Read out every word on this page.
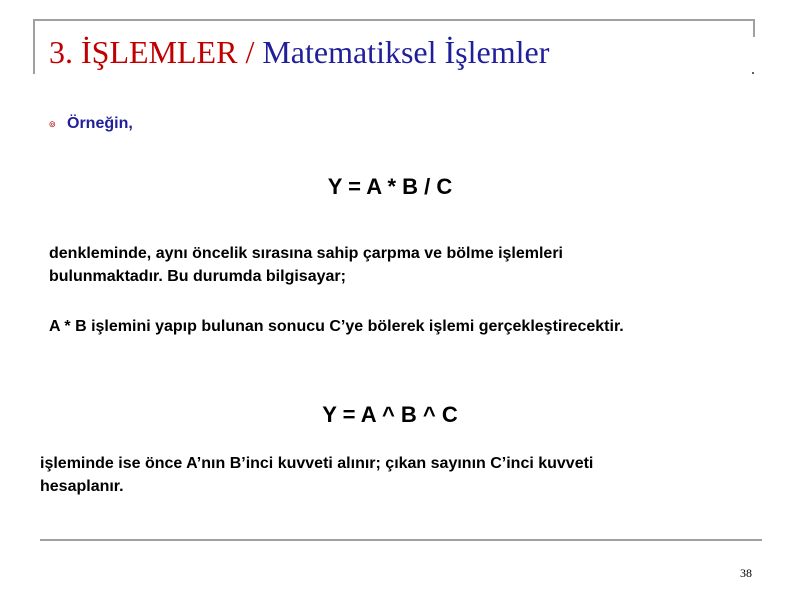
3. İŞLEMLER / Matematiksel İşlemler
๏ Örneğin,
Y = A * B / C
denkleminde, aynı öncelik sırasına sahip çarpma ve bölme işlemleri
bulunmaktadır. Bu durumda bilgisayar;
A * B işlemini yapıp bulunan sonucu C’ye bölerek işlemi gerçekleştirecektir.
Y = A ^ B ^ C
işleminde ise önce A’nın B’inci kuvveti alınır; çıkan sayının C’inci kuvveti
hesaplanır.
38
